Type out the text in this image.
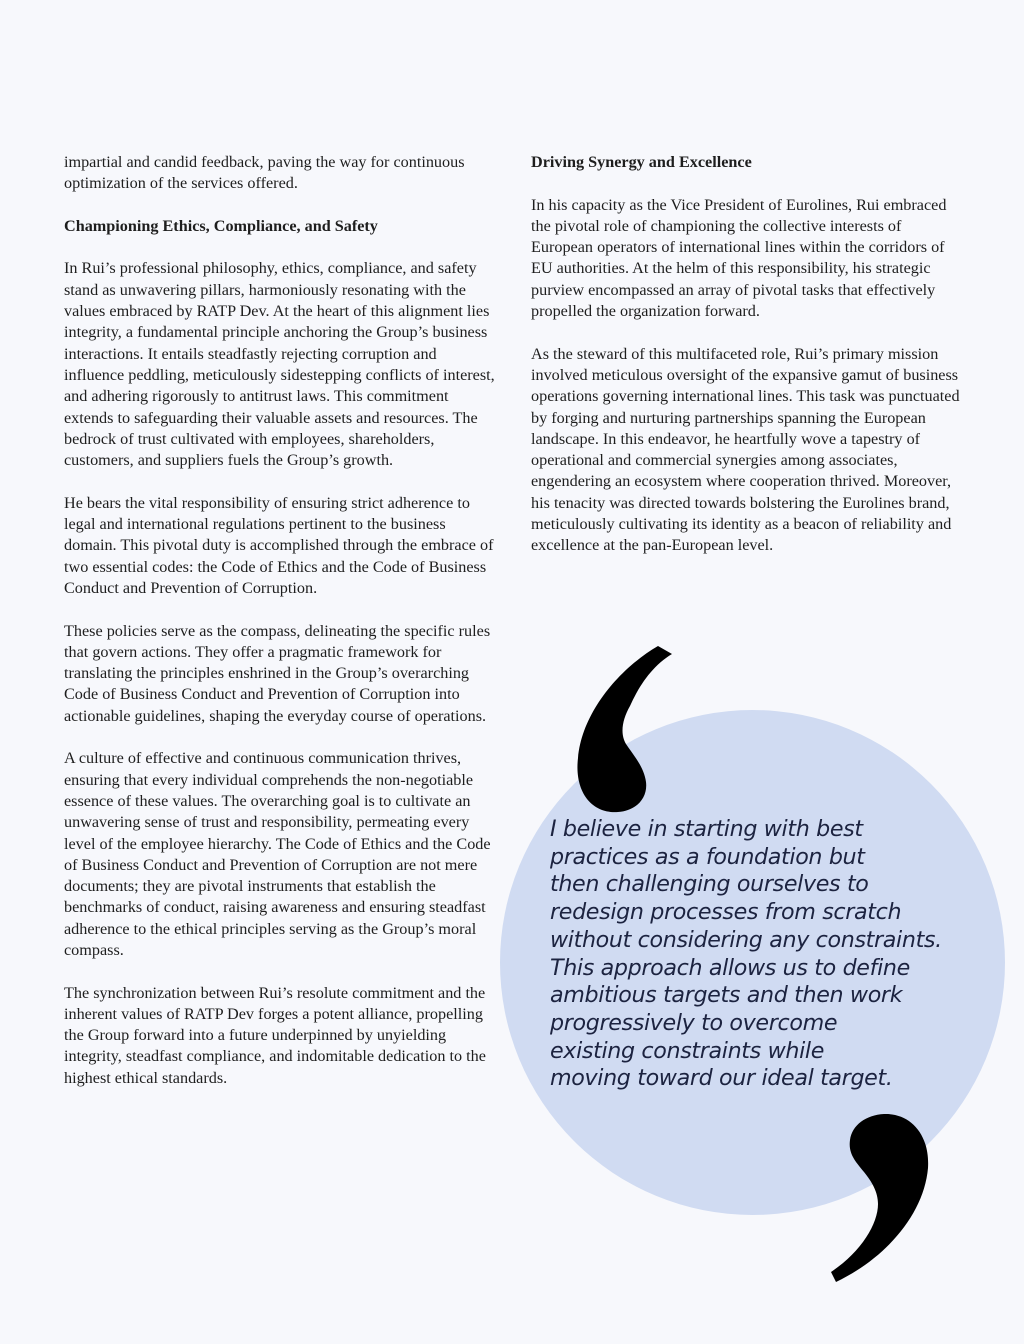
impartial and candid feedback, paving the way for continuous optimization of the services offered.

Championing Ethics, Compliance, and Safety

In Rui’s professional philosophy, ethics, compliance, and safety stand as unwavering pillars, harmoniously resonating with the values embraced by RATP Dev. At the heart of this alignment lies integrity, a fundamental principle anchoring the Group’s business interactions. It entails steadfastly rejecting corruption and influence peddling, meticulously sidestepping conflicts of interest, and adhering rigorously to antitrust laws. This commitment extends to safeguarding their valuable assets and resources. The bedrock of trust cultivated with employees, shareholders, customers, and suppliers fuels the Group’s growth.

He bears the vital responsibility of ensuring strict adherence to legal and international regulations pertinent to the business domain. This pivotal duty is accomplished through the embrace of two essential codes: the Code of Ethics and the Code of Business Conduct and Prevention of Corruption.

These policies serve as the compass, delineating the specific rules that govern actions. They offer a pragmatic framework for translating the principles enshrined in the Group’s overarching Code of Business Conduct and Prevention of Corruption into actionable guidelines, shaping the everyday course of operations.

A culture of effective and continuous communication thrives, ensuring that every individual comprehends the non-negotiable essence of these values. The overarching goal is to cultivate an unwavering sense of trust and responsibility, permeating every level of the employee hierarchy. The Code of Ethics and the Code of Business Conduct and Prevention of Corruption are not mere documents; they are pivotal instruments that establish the benchmarks of conduct, raising awareness and ensuring steadfast adherence to the ethical principles serving as the Group’s moral compass.

The synchronization between Rui’s resolute commitment and the inherent values of RATP Dev forges a potent alliance, propelling the Group forward into a future underpinned by unyielding integrity, steadfast compliance, and indomitable dedication to the highest ethical standards.

Driving Synergy and Excellence

In his capacity as the Vice President of Eurolines, Rui embraced the pivotal role of championing the collective interests of European operators of international lines within the corridors of EU authorities. At the helm of this responsibility, his strategic purview encompassed an array of pivotal tasks that effectively propelled the organization forward.

As the steward of this multifaceted role, Rui’s primary mission involved meticulous oversight of the expansive gamut of business operations governing international lines. This task was punctuated by forging and nurturing partnerships spanning the European landscape. In this endeavor, he heartfully wove a tapestry of operational and commercial synergies among associates, engendering an ecosystem where cooperation thrived. Moreover, his tenacity was directed towards bolstering the Eurolines brand, meticulously cultivating its identity as a beacon of reliability and excellence at the pan-European level.

I believe in starting with best
practices as a foundation but
then challenging ourselves to
redesign processes from scratch
without considering any constraints.
This approach allows us to define
ambitious targets and then work
progressively to overcome
existing constraints while
moving toward our ideal target.
